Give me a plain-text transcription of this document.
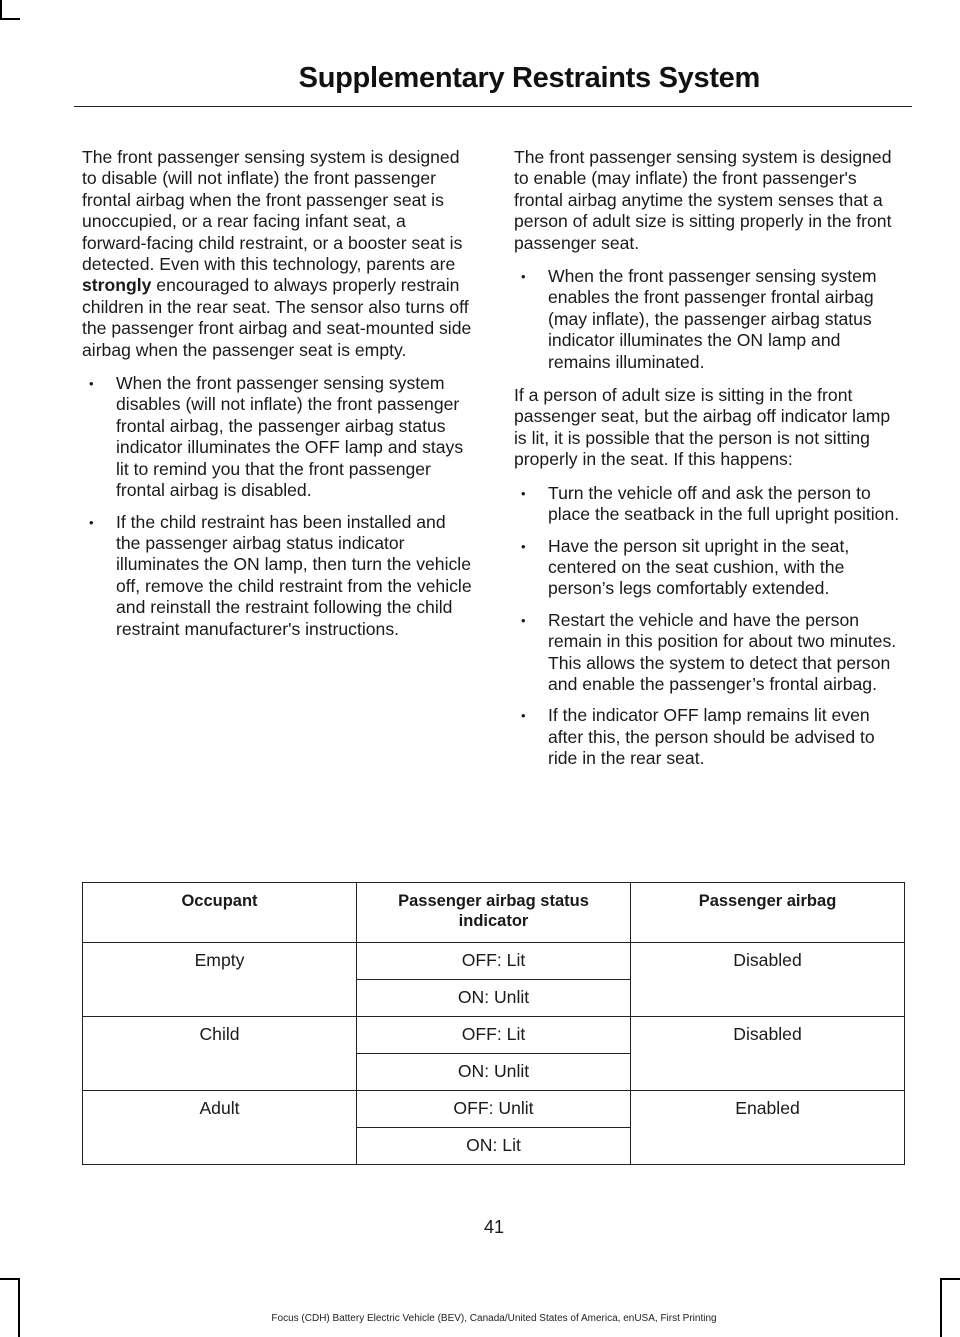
Supplementary Restraints System

The front passenger sensing system is designed to disable (will not inflate) the front passenger frontal airbag when the front passenger seat is unoccupied, or a rear facing infant seat, a forward-facing child restraint, or a booster seat is detected. Even with this technology, parents are strongly encouraged to always properly restrain children in the rear seat. The sensor also turns off the passenger front airbag and seat-mounted side airbag when the passenger seat is empty.

• When the front passenger sensing system disables (will not inflate) the front passenger frontal airbag, the passenger airbag status indicator illuminates the OFF lamp and stays lit to remind you that the front passenger frontal airbag is disabled.
• If the child restraint has been installed and the passenger airbag status indicator illuminates the ON lamp, then turn the vehicle off, remove the child restraint from the vehicle and reinstall the restraint following the child restraint manufacturer's instructions.

The front passenger sensing system is designed to enable (may inflate) the front passenger's frontal airbag anytime the system senses that a person of adult size is sitting properly in the front passenger seat.

• When the front passenger sensing system enables the front passenger frontal airbag (may inflate), the passenger airbag status indicator illuminates the ON lamp and remains illuminated.

If a person of adult size is sitting in the front passenger seat, but the airbag off indicator lamp is lit, it is possible that the person is not sitting properly in the seat. If this happens:

• Turn the vehicle off and ask the person to place the seatback in the full upright position.
• Have the person sit upright in the seat, centered on the seat cushion, with the person’s legs comfortably extended.
• Restart the vehicle and have the person remain in this position for about two minutes. This allows the system to detect that person and enable the passenger’s frontal airbag.
• If the indicator OFF lamp remains lit even after this, the person should be advised to ride in the rear seat.
Occupant	Passenger airbag status indicator	Passenger airbag
Empty	OFF: Lit	Disabled
	ON: Unlit	
Child	OFF: Lit	Disabled
	ON: Unlit	
Adult	OFF: Unlit	Enabled
	ON: Lit	
41
Focus (CDH) Battery Electric Vehicle (BEV), Canada/United States of America, enUSA, First Printing
